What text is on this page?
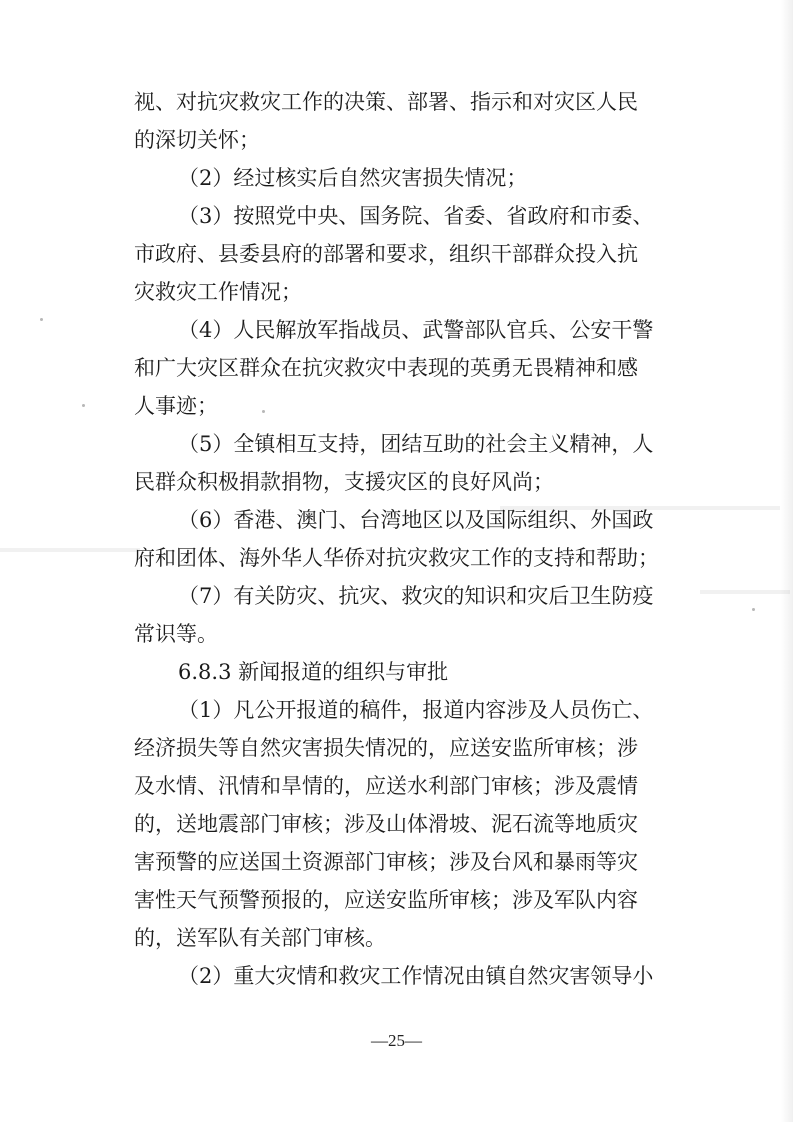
视、对抗灾救灾工作的决策、部署、指示和对灾区人民
的深切关怀；
（2）经过核实后自然灾害损失情况；
（3）按照党中央、国务院、省委、省政府和市委、
市政府、县委县府的部署和要求，组织干部群众投入抗
灾救灾工作情况；
（4）人民解放军指战员、武警部队官兵、公安干警
和广大灾区群众在抗灾救灾中表现的英勇无畏精神和感
人事迹；
（5）全镇相互支持，团结互助的社会主义精神，人
民群众积极捐款捐物，支援灾区的良好风尚；
（6）香港、澳门、台湾地区以及国际组织、外国政
府和团体、海外华人华侨对抗灾救灾工作的支持和帮助；
（7）有关防灾、抗灾、救灾的知识和灾后卫生防疫
常识等。
6.8.3 新闻报道的组织与审批
（1）凡公开报道的稿件，报道内容涉及人员伤亡、
经济损失等自然灾害损失情况的，应送安监所审核；涉
及水情、汛情和旱情的，应送水利部门审核；涉及震情
的，送地震部门审核；涉及山体滑坡、泥石流等地质灾
害预警的应送国土资源部门审核；涉及台风和暴雨等灾
害性天气预警预报的，应送安监所审核；涉及军队内容
的，送军队有关部门审核。
（2）重大灾情和救灾工作情况由镇自然灾害领导小
—25—
